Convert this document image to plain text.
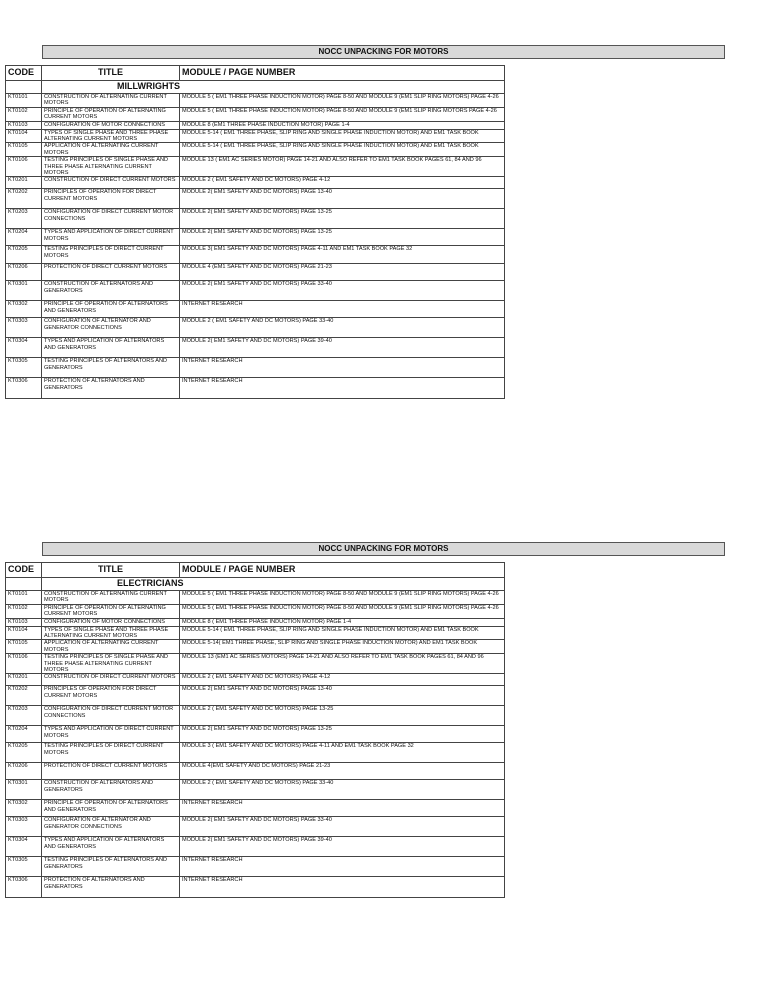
NOCC UNPACKING FOR MOTORS
CODE	TITLE	MODULE / PAGE NUMBER
	MILLWRIGHTS	
KT0101	CONSTRUCTION OF ALTERNATING CURRENT MOTORS	MODULE 5 ( EM1 THREE PHASE INDUCTION MOTOR) PAGE 8-50 AND MODULE 9 (EM1 SLIP RING MOTORS) PAGE 4-26
KT0102	PRINCIPLE OF OPERATION OF ALTERNATING CURRENT MOTORS	MODULE 5 ( EM1 THREE PHASE INDUCTION MOTOR) PAGE 8-50 AND MODULE 9 (EM1 SLIP RING MOTORS PAGE 4-26
KT0103	CONFIGURATION OF MOTOR CONNECTIONS	MODULE 8 (EM1 THREE PHASE INDUCTION MOTOR) PAGE 1-4
KT0104	TYPES OF SINGLE PHASE AND THREE PHASE ALTERNATING CURRENT MOTORS	MODULE 5-14 ( EM1 THREE PHASE, SLIP RING AND SINGLE PHASE INDUCTION MOTOR) AND EM1 TASK BOOK
KT0105	APPLICATION OF ALTERNATING CURRENT MOTORS	MODULE 5-14 ( EM1 THREE PHASE, SLIP RING AND SINGLE PHASE INDUCTION MOTOR) AND EM1 TASK BOOK
KT0106	TESTING PRINCIPLES OF SINGLE PHASE AND THREE PHASE ALTERNATING CURRENT MOTORS	MODULE 13 ( EM1 AC SERIES MOTOR) PAGE 14-21 AND ALSO REFER TO EM1 TASK BOOK PAGES 61, 84 AND 96
KT0201	CONSTRUCTION OF DIRECT CURRENT MOTORS	MODULE 2 ( EM1 SAFETY AND DC MOTORS) PAGE 4-12
KT0202	PRINCIPLES OF OPERATION FOR DIRECT CURRENT MOTORS	MODULE 2( EM1 SAFETY AND DC MOTORS) PAGE 13-40
KT0203	CONFIGURATION OF DIRECT CURRENT MOTOR CONNECTIONS	MODULE 2( EM1 SAFETY AND DC MOTORS) PAGE 13-25
KT0204	TYPES AND APPLICATION OF DIRECT CURRENT MOTORS	MODULE 2( EM1 SAFETY AND DC MOTORS) PAGE 13-25
KT0205	TESTING PRINCIPLES OF DIRECT CURRENT MOTORS	MODULE 3( EM1 SAFETY AND DC MOTORS) PAGE 4-11 AND EM1 TASK BOOK PAGE 32
KT0206	PROTECTION OF DIRECT CURRENT MOTORS	MODULE 4 (EM1 SAFETY AND DC MOTORS) PAGE 21-23
KT0301	CONSTRUCTION OF ALTERNATORS AND GENERATORS	MODULE 2( EM1 SAFETY AND DC MOTORS) PAGE 33-40
KT0302	PRINCIPLE OF OPERATION OF ALTERNATORS AND GENERATORS	INTERNET RESEARCH
KT0303	CONFIGURATION OF ALTERNATOR AND GENERATOR CONNECTIONS	MODULE 2 ( EM1 SAFETY AND DC MOTORS) PAGE 33-40
KT0304	TYPES AND APPLICATION OF ALTERNATORS AND GENERATORS	MODULE 2( EM1 SAFETY AND DC MOTORS) PAGE 39-40
KT0305	TESTING PRINCIPLES OF ALTERNATORS AND GENERATORS	INTERNET RESEARCH
KT0306	PROTECTION OF ALTERNATORS AND GENERATORS	INTERNET RESEARCH
NOCC UNPACKING FOR MOTORS
CODE	TITLE	MODULE / PAGE NUMBER
	ELECTRICIANS	
KT0101	CONSTRUCTION OF ALTERNATING CURRENT MOTORS	MODULE 5 ( EM1 THREE PHASE INDUCTION MOTOR) PAGE 8-50 AND MODULE 9 (EM1 SLIP RING MOTORS) PAGE 4-26
KT0102	PRINCIPLE OF OPERATION OF ALTERNATING CURRENT MOTORS	MODULE 5 ( EM1 THREE PHASE INDUCTION MOTOR) PAGE 8-50 AND MODULE 9 (EM1 SLIP RING MOTORS) PAGE 4-26
KT0103	CONFIGURATION OF MOTOR CONNECTIONS	MODULE 8 ( EM1 THREE PHASE INDUCTION MOTOR) PAGE 1-4
KT0104	TYPES OF SINGLE PHASE AND THREE PHASE ALTERNATING CURRENT MOTORS	MODULE 5-14 ( EM1 THREE PHASE, SLIP RING AND SINGLE PHASE INDUCTION MOTOR) AND EM1 TASK BOOK
KT0105	APPLICATION OF ALTERNATING CURRENT MOTORS	MODULE 5-14( EM1 THREE PHASE, SLIP RING AND SINGLE PHASE INDUCTION MOTOR) AND EM1 TASK BOOK
KT0106	TESTING PRINCIPLES OF SINGLE PHASE AND THREE PHASE ALTERNATING CURRENT MOTORS	MODULE 13 (EM1 AC SERIES MOTORS) PAGE 14-21 AND ALSO REFER TO EM1 TASK BOOK PAGES 61, 84 AND 96
KT0201	CONSTRUCTION OF DIRECT CURRENT MOTORS	MODULE 2 ( EM1 SAFETY AND DC MOTORS) PAGE 4-12
KT0202	PRINCIPLES OF OPERATION FOR DIRECT CURRENT MOTORS	MODULE 2( EM1 SAFETY AND DC MOTORS) PAGE 13-40
KT0203	CONFIGURATION OF DIRECT CURRENT MOTOR CONNECTIONS	MODULE 2 ( EM1 SAFETY AND DC MOTORS) PAGE 13-25
KT0204	TYPES AND APPLICATION OF DIRECT CURRENT MOTORS	MODULE 2( EM1 SAFETY AND DC MOTORS) PAGE 13-25
KT0205	TESTING PRINCIPLES OF DIRECT CURRENT MOTORS	MODULE 3 ( EM1 SAFETY AND DC MOTORS) PAGE 4-11 AND EM1 TASK BOOK PAGE 32
KT0206	PROTECTION OF DIRECT CURRENT MOTORS	MODULE 4(EM1 SAFETY AND DC MOTORS) PAGE 21-23
KT0301	CONSTRUCTION OF ALTERNATORS AND GENERATORS	MODULE 2 ( EM1 SAFETY AND DC MOTORS) PAGE 33-40
KT0302	PRINCIPLE OF OPERATION OF ALTERNATORS AND GENERATORS	INTERNET RESEARCH
KT0303	CONFIGURATION OF ALTERNATOR AND GENERATOR CONNECTIONS	MODULE 2( EM1 SAFETY AND DC MOTORS) PAGE 33-40
KT0304	TYPES AND APPLICATION OF ALTERNATORS AND GENERATORS	MODULE 2( EM1 SAFETY AND DC MOTORS) PAGE 39-40
KT0305	TESTING PRINCIPLES OF ALTERNATORS AND GENERATORS	INTERNET RESEARCH
KT0306	PROTECTION OF ALTERNATORS AND GENERATORS	INTERNET RESEARCH
